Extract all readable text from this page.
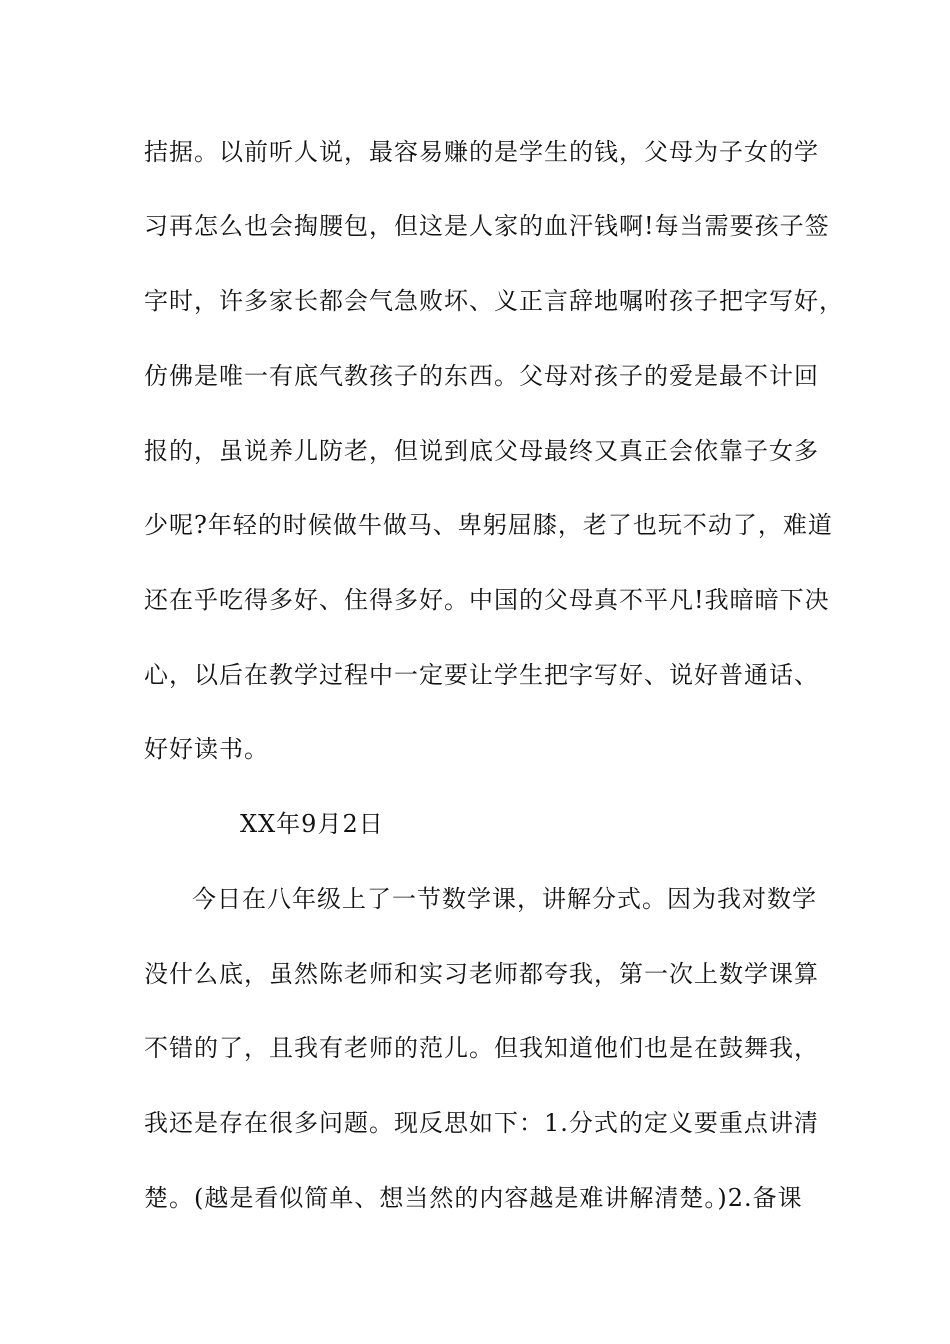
拮据。以前听人说，最容易赚的是学生的钱，父母为子女的学
习再怎么也会掏腰包，但这是人家的血汗钱啊!每当需要孩子签
字时，许多家长都会气急败坏、义正言辞地嘱咐孩子把字写好，
仿佛是唯一有底气教孩子的东西。父母对孩子的爱是最不计回
报的，虽说养儿防老，但说到底父母最终又真正会依靠子女多
少呢?年轻的时候做牛做马、卑躬屈膝，老了也玩不动了，难道
还在乎吃得多好、住得多好。中国的父母真不平凡!我暗暗下决
心，以后在教学过程中一定要让学生把字写好、说好普通话、
好好读书。
XX年9月2日
今日在八年级上了一节数学课，讲解分式。因为我对数学
没什么底，虽然陈老师和实习老师都夸我，第一次上数学课算
不错的了，且我有老师的范儿。但我知道他们也是在鼓舞我，
我还是存在很多问题。现反思如下：1.分式的定义要重点讲清
楚。(越是看似简单、想当然的内容越是难讲解清楚。)2.备课
